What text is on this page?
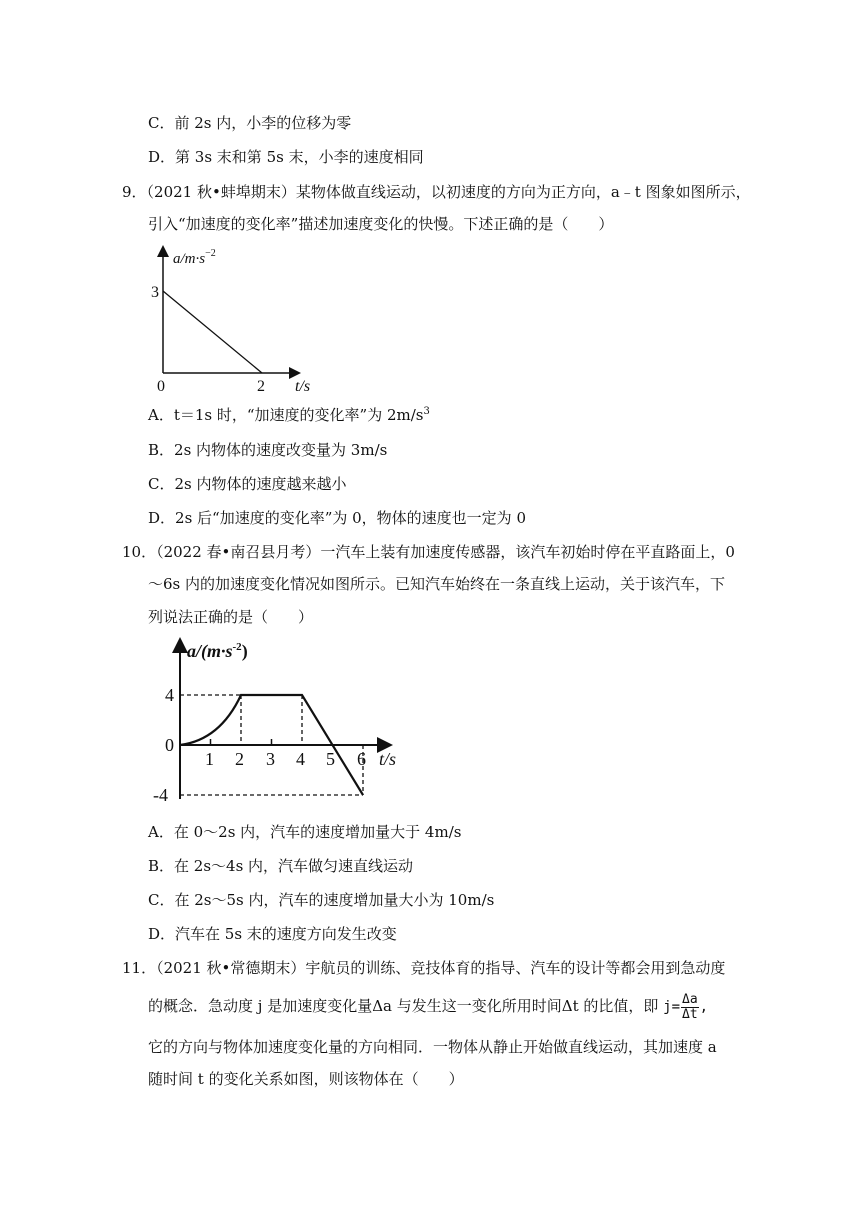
C．前 2s 内，小李的位移为零
D．第 3s 末和第 5s 末，小李的速度相同
9．（2021 秋•蚌埠期末）某物体做直线运动，以初速度的方向为正方向，a﹣t 图象如图所示，
引入“加速度的变化率”描述加速度变化的快慢。下述正确的是（　　）
$a/m\cdot s^{-2}$
3
0	2 t/s
A．t＝1s 时，“加速度的变化率”为 $2m/s^3$
B．2s 内物体的速度改变量为 3m/s
C．2s 内物体的速度越来越小
D．2s 后“加速度的变化率”为 0，物体的速度也一定为 0
10．（2022 春•南召县月考）一汽车上装有加速度传感器，该汽车初始时停在平直路面上，0
～6s 内的加速度变化情况如图所示。已知汽车始终在一条直线上运动，关于该汽车，下
列说法正确的是（　　）
$a/(m\cdot s^{-2})$
4
0
-4
1 2 3 4 5 6 t/s
A．在 0～2s 内，汽车的速度增加量大于 4m/s
B．在 2s～4s 内，汽车做匀速直线运动
C．在 2s～5s 内，汽车的速度增加量大小为 10m/s
D．汽车在 5s 末的速度方向发生改变
11．（2021 秋•常德期末）宇航员的训练、竞技体育的指导、汽车的设计等都会用到急动度
的概念．急动度 j 是加速度变化量Δa 与发生这一变化所用时间Δt 的比值，即 $j= \frac{\Delta a}{\Delta t}$ ,
它的方向与物体加速度变化量的方向相同．一物体从静止开始做直线运动，其加速度 a
随时间 t 的变化关系如图，则该物体在（　　）
